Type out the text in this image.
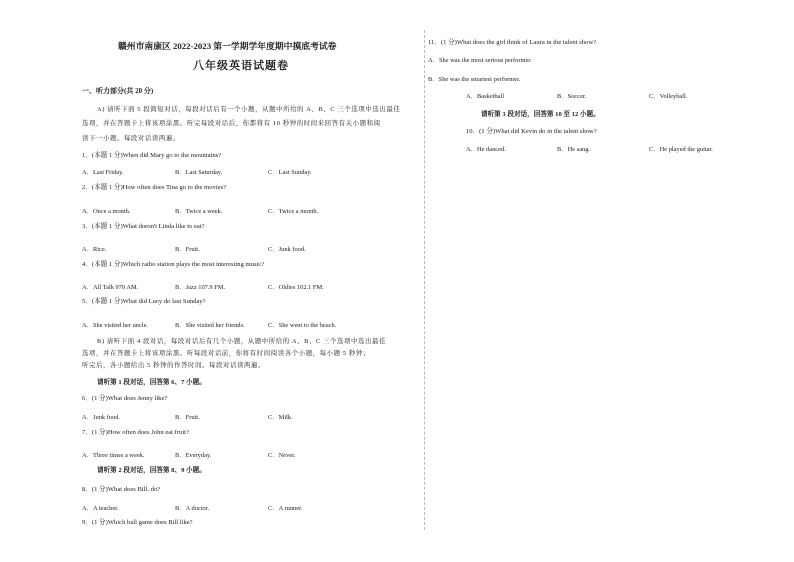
赣州市南康区 2022-2023 第一学期学年度期中摸底考试卷
八年级英语试题卷
一、听力部分(共 20 分)
A) 请听下面 5 段简短对话，每段对话后有一个小题，从题中所给的 A、B、C 三个选项中选出最佳
选项，并在答题卡上将该项涂黑。听完每段对话后，你都将有 10 秒钟的时间来回答有关小题和阅
读下一小题。每段对话读两遍。
1．(本题 1 分)When did Mary go to the mountains?
A．Last Friday.	B．Last Saturday.	C．Last Sunday.
2．(本题 1 分)How often does Tina go to the movies?
A．Once a month.	B．Twice a week.	C．Twice a month.
3．(本题 1 分)What doesn't Linda like to eat?
A．Rice.	B．Fruit.	C．Junk food.
4．(本题 1 分)Which radio station plays the most interesting music?
A．All Talk 970 AM.	B．Jazz 107.9 FM.	C．Oldies 102.1 FM.
5．(本题 1 分)What did Lucy do last Sunday?
A．She visited her uncle.	B．She visited her friends.	C．She went to the beach.
B) 请听下面 4 段对话，每段对话后有几个小题，从题中所给的 A、B、C 三个选项中选出最佳
选项，并在答题卡上将该项涂黑。听每段对话前，你将有时间阅读各个小题，每小题 5 秒钟；
听完后，各小题给出 5 秒钟的作答时间。每段对话读两遍。
请听第 1 段对话，回答第 6、7 小题。
6．(1 分)What does Jenny like?
A．Junk food.	B．Fruit.	C．Milk.
7．(1 分)How often does John eat fruit?
A．Three times a week.	B．Everyday.	C．Never.
请听第 2 段对话，回答第 8、9 小题。
8．(1 分)What does Bill. do?
A．A teacher.	B．A doctor.	C．A runner.
9．(1 分)Which ball game does Bill like?
11．(1 分)What does the girl think of Laura in the talent show?
A．She was the most serious performer.
B．She was the smartest performer.
A．Basketball	B．Soccer.	C．Volleyball.
请听第 3 段对话，回答第 10 至 12 小题。
10．(1 分)What did Kevin do in the talent show?
A．He danced.	B．He sang.	C．He played the guitar.
